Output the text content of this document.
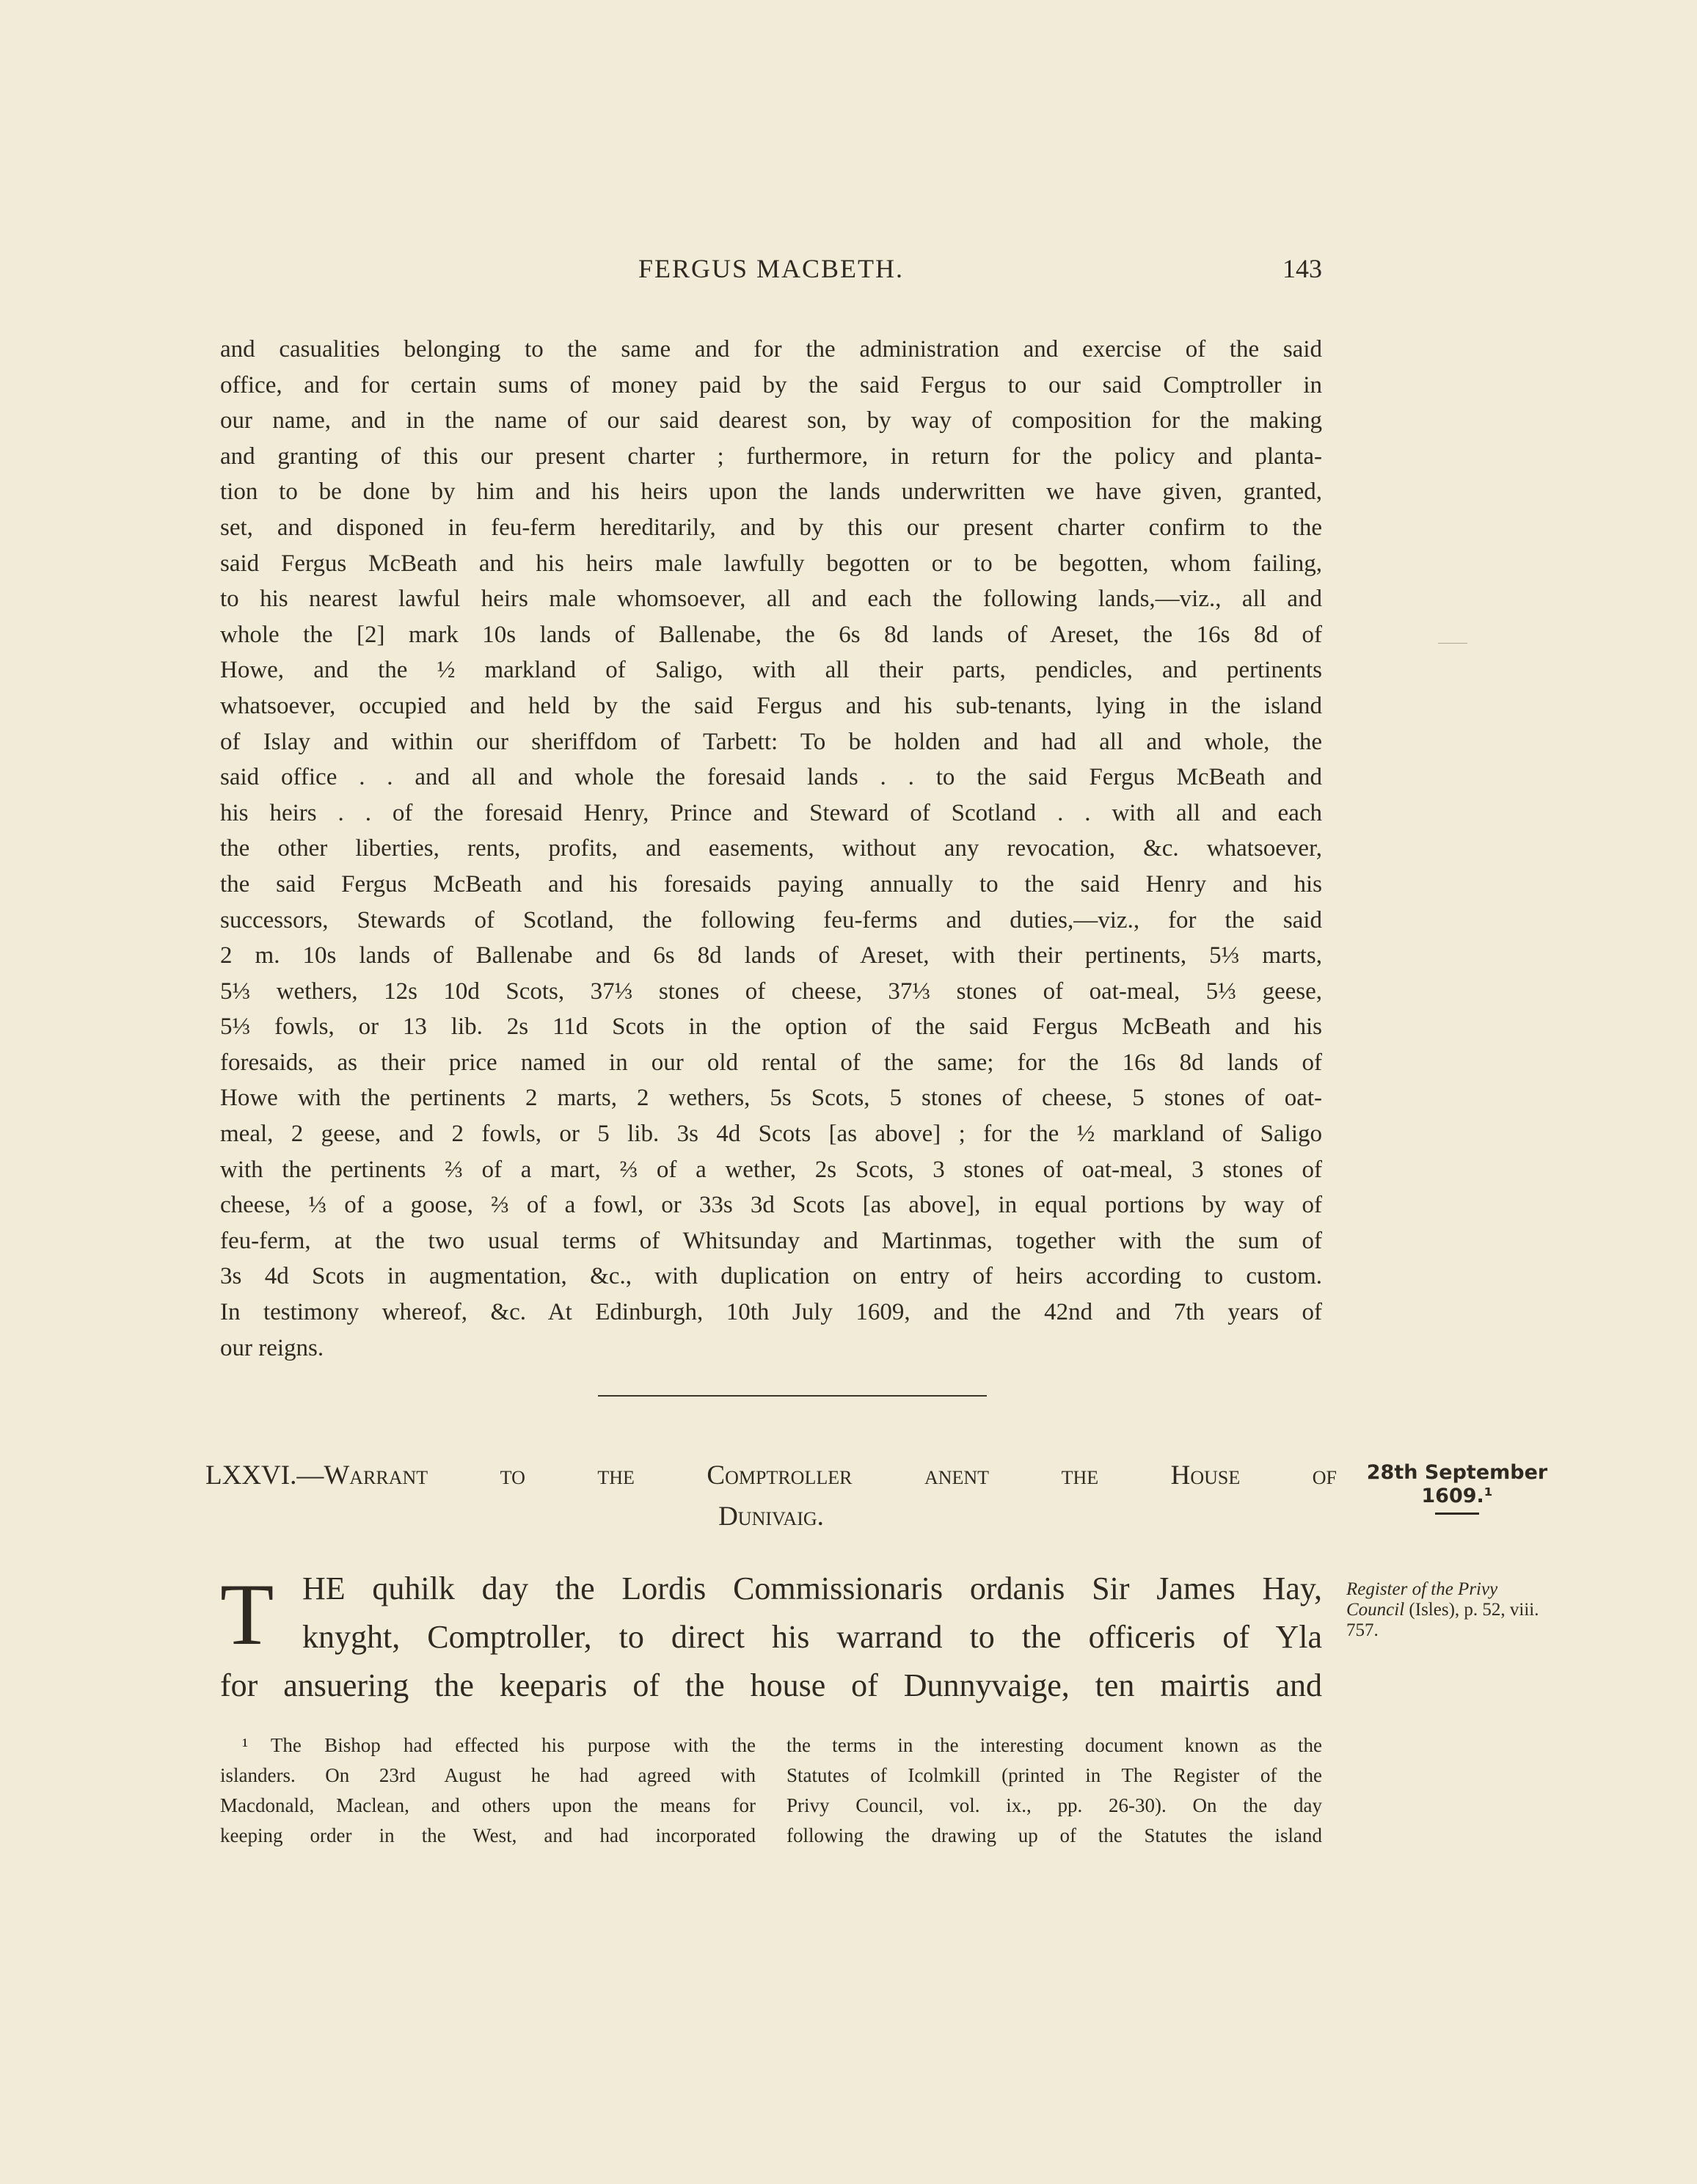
FERGUS MACBETH.	143
and casualities belonging to the same and for the administration and exercise of the said
office, and for certain sums of money paid by the said Fergus to our said Comptroller in
our name, and in the name of our said dearest son, by way of composition for the making
and granting of this our present charter ; furthermore, in return for the policy and planta-
tion to be done by him and his heirs upon the lands underwritten we have given, granted,
set, and disponed in feu-ferm hereditarily, and by this our present charter confirm to the
said Fergus McBeath and his heirs male lawfully begotten or to be begotten, whom failing,
to his nearest lawful heirs male whomsoever, all and each the following lands,—viz., all and
whole the [2] mark 10s lands of Ballenabe, the 6s 8d lands of Areset, the 16s 8d of
Howe, and the ½ markland of Saligo, with all their parts, pendicles, and pertinents
whatsoever, occupied and held by the said Fergus and his sub-tenants, lying in the island
of Islay and within our sheriffdom of Tarbett: To be holden and had all and whole, the
said office . . and all and whole the foresaid lands . . to the said Fergus McBeath and
his heirs . . of the foresaid Henry, Prince and Steward of Scotland . . with all and each
the other liberties, rents, profits, and easements, without any revocation, &c. whatsoever,
the said Fergus McBeath and his foresaids paying annually to the said Henry and his
successors, Stewards of Scotland, the following feu-ferms and duties,—viz., for the said
2 m. 10s lands of Ballenabe and 6s 8d lands of Areset, with their pertinents, 5⅓ marts,
5⅓ wethers, 12s 10d Scots, 37⅓ stones of cheese, 37⅓ stones of oat-meal, 5⅓ geese,
5⅓ fowls, or 13 lib. 2s 11d Scots in the option of the said Fergus McBeath and his
foresaids, as their price named in our old rental of the same; for the 16s 8d lands of
Howe with the pertinents 2 marts, 2 wethers, 5s Scots, 5 stones of cheese, 5 stones of oat-
meal, 2 geese, and 2 fowls, or 5 lib. 3s 4d Scots [as above] ; for the ½ markland of Saligo
with the pertinents ⅔ of a mart, ⅔ of a wether, 2s Scots, 3 stones of oat-meal, 3 stones of
cheese, ⅓ of a goose, ⅔ of a fowl, or 33s 3d Scots [as above], in equal portions by way of
feu-ferm, at the two usual terms of Whitsunday and Martinmas, together with the sum of
3s 4d Scots in augmentation, &c., with duplication on entry of heirs according to custom.
In testimony whereof, &c. At Edinburgh, 10th July 1609, and the 42nd and 7th years of
our reigns.
LXXVI.—Warrant to the Comptroller anent the House of
Dunivaig.
28th September
1609.¹
T HE quhilk day the Lordis Commissionaris ordanis Sir James Hay,
knyght, Comptroller, to direct his warrand to the officeris of Yla
for ansuering the keeparis of the house of Dunnyvaige, ten mairtis and
Register of the Privy Council (Isles), p. 52, viii. 757.
¹ The Bishop had effected his purpose with the
islanders. On 23rd August he had agreed with
Macdonald, Maclean, and others upon the means for
keeping order in the West, and had incorporated
the terms in the interesting document known as the
Statutes of Icolmkill (printed in The Register of the
Privy Council, vol. ix., pp. 26-30). On the day
following the drawing up of the Statutes the island
